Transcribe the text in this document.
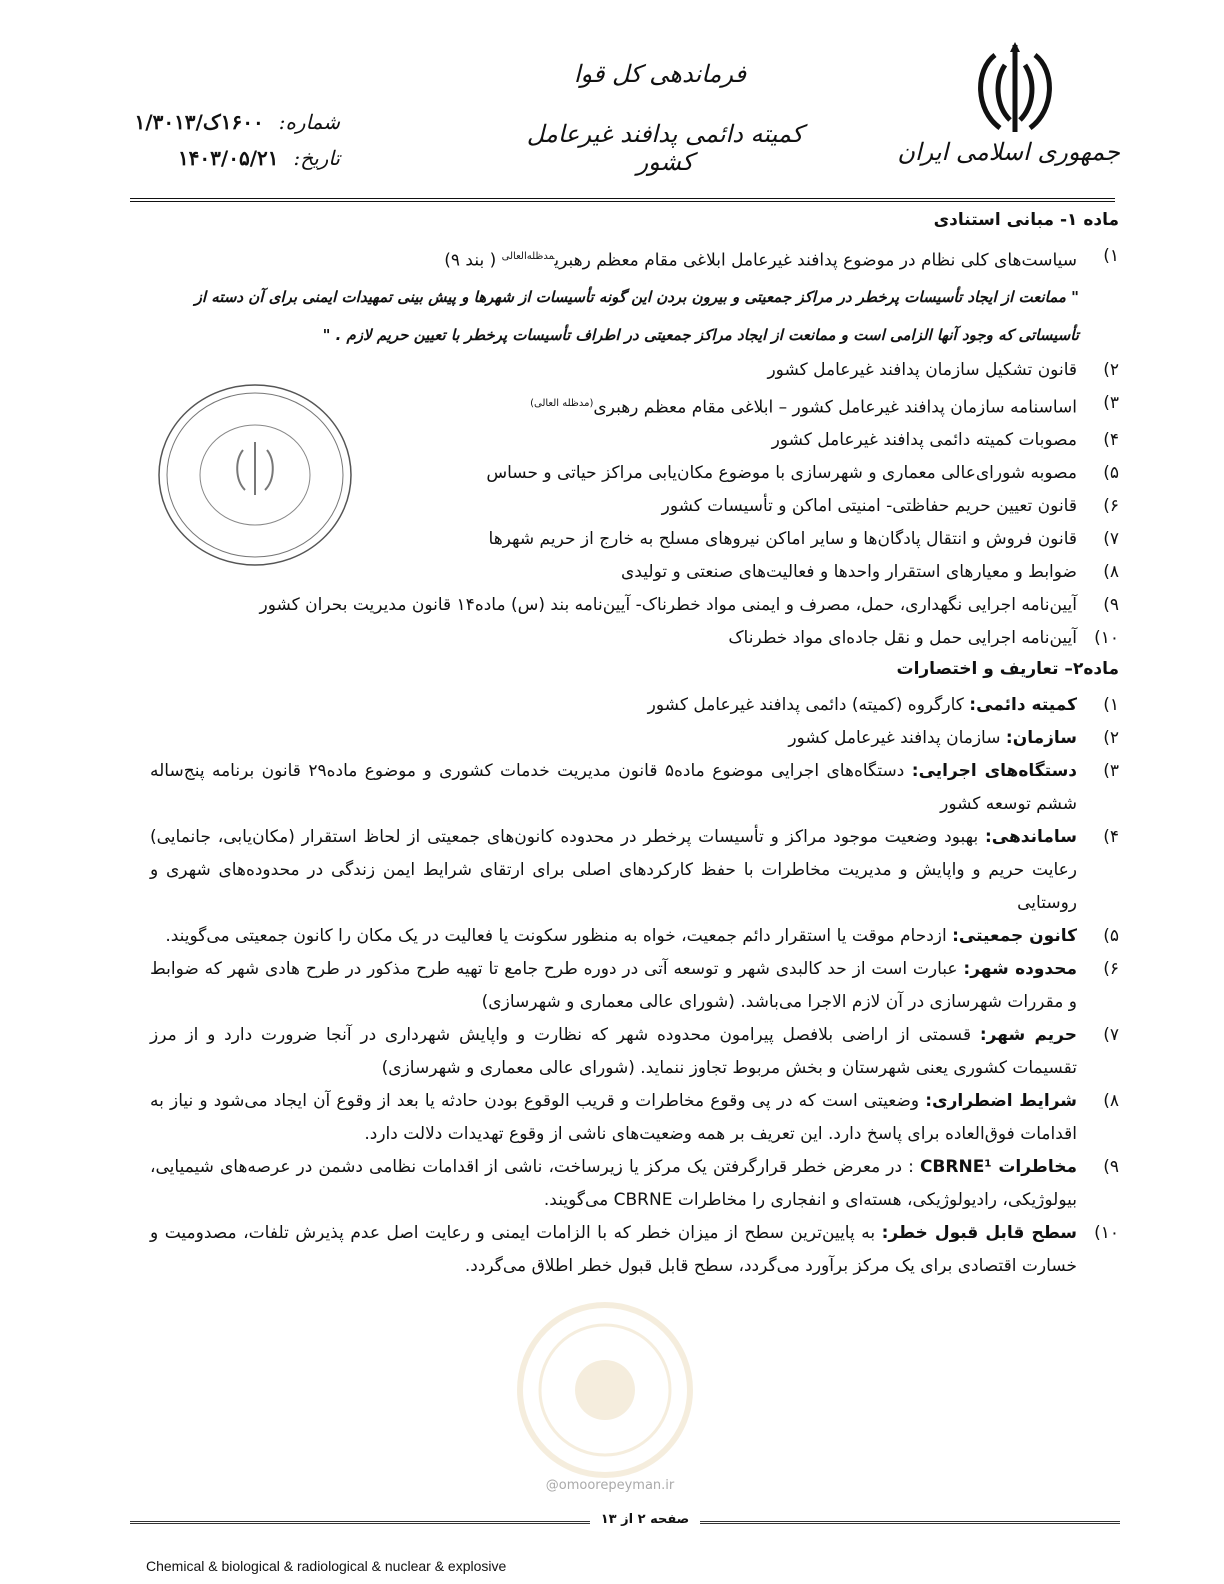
جمهوری اسلامی ایران
فرماندهی کل قوا
کمیته دائمی پدافند غیرعامل کشور
شماره: ۱۶۰۰ک/۱/۳۰۱۳
تاریخ: ۱۴۰۳/۰۵/۲۱
ماده ۱- مبانی استنادی
۱)
سیاست‌های کلی نظام در موضوع پدافند غیرعامل ابلاغی مقام معظم رهبری$^{مدظله‌العالی}$ ( بند ۹)
" ممانعت از ایجاد تأسیسات پرخطر در مراکز جمعیتی و بیرون بردن این گونه تأسیسات از شهرها و پیش بینی تمهیدات ایمنی برای آن دسته از تأسیساتی که وجود آنها الزامی است و ممانعت از ایجاد مراکز جمعیتی در اطراف تأسیسات پرخطر با تعیین حریم لازم . "
۲)
قانون تشکیل سازمان پدافند غیرعامل کشور
۳)
اساسنامه سازمان پدافند غیرعامل کشور – ابلاغی مقام معظم رهبری$^{(مدظله العالی)}$
۴)
مصوبات کمیته دائمی پدافند غیرعامل کشور
۵)
مصوبه شورای‌عالی معماری و شهرسازی با موضوع مکان‌یابی مراکز حیاتی و حساس
۶)
قانون تعیین حریم حفاظتی- امنیتی اماکن و تأسیسات کشور
۷)
قانون فروش و انتقال پادگان‌ها و سایر اماکن نیروهای مسلح به خارج از حریم شهرها
۸)
ضوابط و معیارهای استقرار واحدها و فعالیت‌های صنعتی و تولیدی
۹)
آیین‌نامه اجرایی نگهداری، حمل، مصرف و ایمنی مواد خطرناک- آیین‌نامه بند (س) ماده۱۴ قانون مدیریت بحران کشور
۱۰)
آیین‌نامه اجرایی حمل و نقل جاده‌ای مواد خطرناک
ماده۲– تعاریف و اختصارات
۱)
کمیته دائمی: کارگروه (کمیته) دائمی پدافند غیرعامل کشور
۲)
سازمان: سازمان پدافند غیرعامل کشور
۳)
دستگاه‌های اجرایی: دستگاه‌های اجرایی موضوع ماده۵ قانون مدیریت خدمات کشوری و موضوع ماده۲۹ قانون برنامه پنج‌ساله ششم توسعه کشور
۴)
ساماندهی: بهبود وضعیت موجود مراکز و تأسیسات پرخطر در محدوده کانون‌های جمعیتی از لحاظ استقرار (مکان‌یابی، جانمایی) رعایت حریم و واپایش و مدیریت مخاطرات با حفظ کارکردهای اصلی برای ارتقای شرایط ایمن زندگی در محدوده‌های شهری و روستایی
۵)
کانون جمعیتی: ازدحام موقت یا استقرار دائم جمعیت، خواه به منظور سکونت یا فعالیت در یک مکان را کانون جمعیتی می‌گویند.
۶)
محدوده شهر: عبارت است از حد کالبدی شهر و توسعه آتی در دوره طرح جامع تا تهیه طرح مذکور در طرح هادی شهر که ضوابط و مقررات شهرسازی در آن لازم الاجرا می‌باشد. (شورای عالی معماری و شهرسازی)
۷)
حریم شهر: قسمتی از اراضی بلافصل پیرامون محدوده شهر که نظارت و واپایش شهرداری در آنجا ضرورت دارد و از مرز تقسیمات کشوری یعنی شهرستان و بخش مربوط تجاوز ننماید. (شورای عالی معماری و شهرسازی)
۸)
شرایط اضطراری: وضعیتی است که در پی وقوع مخاطرات و قریب الوقوع بودن حادثه یا بعد از وقوع آن ایجاد می‌شود و نیاز به اقدامات فوق‌العاده برای پاسخ دارد. این تعریف بر همه وضعیت‌های ناشی از وقوع تهدیدات دلالت دارد.
۹)
مخاطرات CBRNE¹ : در معرض خطر قرارگرفتن یک مرکز یا زیرساخت، ناشی از اقدامات نظامی دشمن در عرصه‌های شیمیایی، بیولوژیکی، رادیولوژیکی، هسته‌ای و انفجاری را مخاطرات CBRNE می‌گویند.
۱۰)
سطح قابل قبول خطر: به پایین‌ترین سطح از میزان خطر که با الزامات ایمنی و رعایت اصل عدم پذیرش تلفات، مصدومیت و خسارت اقتصادی برای یک مرکز برآورد می‌گردد، سطح قابل قبول خطر اطلاق می‌گردد.
@omoorepeyman.ir
صفحه ۲ از ۱۳
Chemical & biological & radiological & nuclear & explosive
